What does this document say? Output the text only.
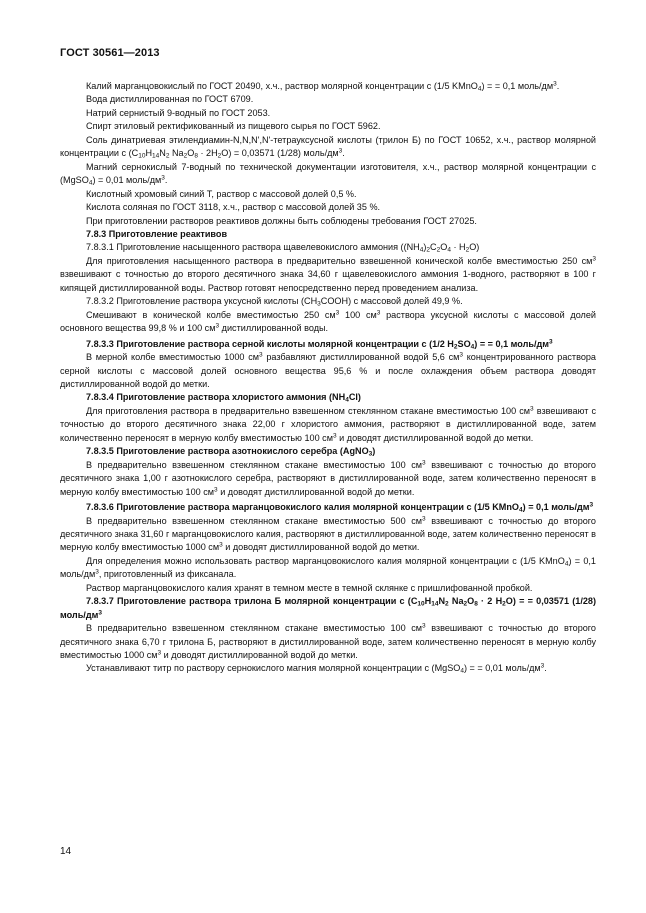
ГОСТ 30561—2013

Калий марганцовокислый по ГОСТ 20490, х.ч., раствор молярной концентрации c (1/5 KMnO$_4$) = = 0,1 моль/$дм^3$.

Вода дистиллированная по ГОСТ 6709.

Натрий сернистый 9-водный по ГОСТ 2053.

Спирт этиловый ректификованный из пищевого сырья по ГОСТ 5962.

Соль динатриевая этилендиамин-N,N,N',N'-тетрауксусной кислоты (трилон Б) по ГОСТ 10652, х.ч., раствор молярной концентрации c ($C_{10}H_{14}N_2$ $Na_2O_8 \cdot 2H_2O) = 0,03571$ (1/28) моль/$дм^3$.

Магний сернокислый 7-водный по технической документации изготовителя, х.ч., раствор молярной концентрации c (MgSO$_4$) = 0,01 моль/$дм^3$.

Кислотный хромовый синий Т, раствор с массовой долей 0,5 %.

Кислота соляная по ГОСТ 3118, х.ч., раствор с массовой долей 35 %.

При приготовлении растворов реактивов должны быть соблюдены требования ГОСТ 27025.

7.8.3 Приготовление реактивов

7.8.3.1 Приготовление насыщенного раствора щавелевокислого аммония $((NH_4)_2C_2O_4 \cdot H_2O)$

Для приготовления насыщенного раствора в предварительно взвешенной конической колбе вместимостью 250 $см^3$ взвешивают с точностью до второго десятичного знака 34,60 г щавелевокислого аммония 1-водного, растворяют в 100 г кипящей дистиллированной воды. Раствор готовят непосредственно перед проведением анализа.

7.8.3.2 Приготовление раствора уксусной кислоты $(CH_3COOH)$ с массовой долей 49,9 %.

Смешивают в конической колбе вместимостью 250 $см^3$ 100 $см^3$ раствора уксусной кислоты с массовой долей основного вещества 99,8 % и 100 $см^3$ дистиллированной воды.

7.8.3.3 Приготовление раствора серной кислоты молярной концентрации c (1/2 $H_2SO_4$) = = 0,1 моль/$дм^3$

В мерной колбе вместимостью 1000 $см^3$ разбавляют дистиллированной водой 5,6 $см^3$ концентрированного раствора серной кислоты с массовой долей основного вещества 95,6 % и после охлаждения объем раствора доводят дистиллированной водой до метки.

7.8.3.4 Приготовление раствора хлористого аммония $(NH_4Cl)$

Для приготовления раствора в предварительно взвешенном стеклянном стакане вместимостью 100 $см^3$ взвешивают с точностью до второго десятичного знака 22,00 г хлористого аммония, растворяют в дистиллированной воде, затем количественно переносят в мерную колбу вместимостью 100 $см^3$ и доводят дистиллированной водой до метки.

7.8.3.5 Приготовление раствора азотнокислого серебра (AgNO$_3$)

В предварительно взвешенном стеклянном стакане вместимостью 100 $см^3$ взвешивают с точностью до второго десятичного знака 1,00 г азотнокислого серебра, растворяют в дистиллированной воде, затем количественно переносят в мерную колбу вместимостью 100 $см^3$ и доводят дистиллированной водой до метки.

7.8.3.6 Приготовление раствора марганцовокислого калия молярной концентрации c (1/5 KMnO$_4$) = 0,1 моль/$дм^3$

В предварительно взвешенном стеклянном стакане вместимостью 500 $см^3$ взвешивают с точностью до второго десятичного знака 31,60 г марганцовокислого калия, растворяют в дистиллированной воде, затем количественно переносят в мерную колбу вместимостью 1000 $см^3$ и доводят дистиллированной водой до метки.

Для определения можно использовать раствор марганцовокислого калия молярной концентрации c (1/5 KMnO$_4$) = 0,1 моль/$дм^3$, приготовленный из фиксанала.

Раствор марганцовокислого калия хранят в темном месте в темной склянке с пришлифованной пробкой.

7.8.3.7 Приготовление раствора трилона Б молярной концентрации c ($C_{10}H_{14}N_2$ $Na_2O_8 \cdot 2$ $H_2O$) = = 0,03571 (1/28) моль/$дм^3$

В предварительно взвешенном стеклянном стакане вместимостью 100 $см^3$ взвешивают с точностью до второго десятичного знака 6,70 г трилона Б, растворяют в дистиллированной воде, затем количественно переносят в мерную колбу вместимостью 1000 $см^3$ и доводят дистиллированной водой до метки.

Устанавливают титр по раствору сернокислого магния молярной концентрации c (MgSO$_4$) = = 0,01 моль/$дм^3$.

14
